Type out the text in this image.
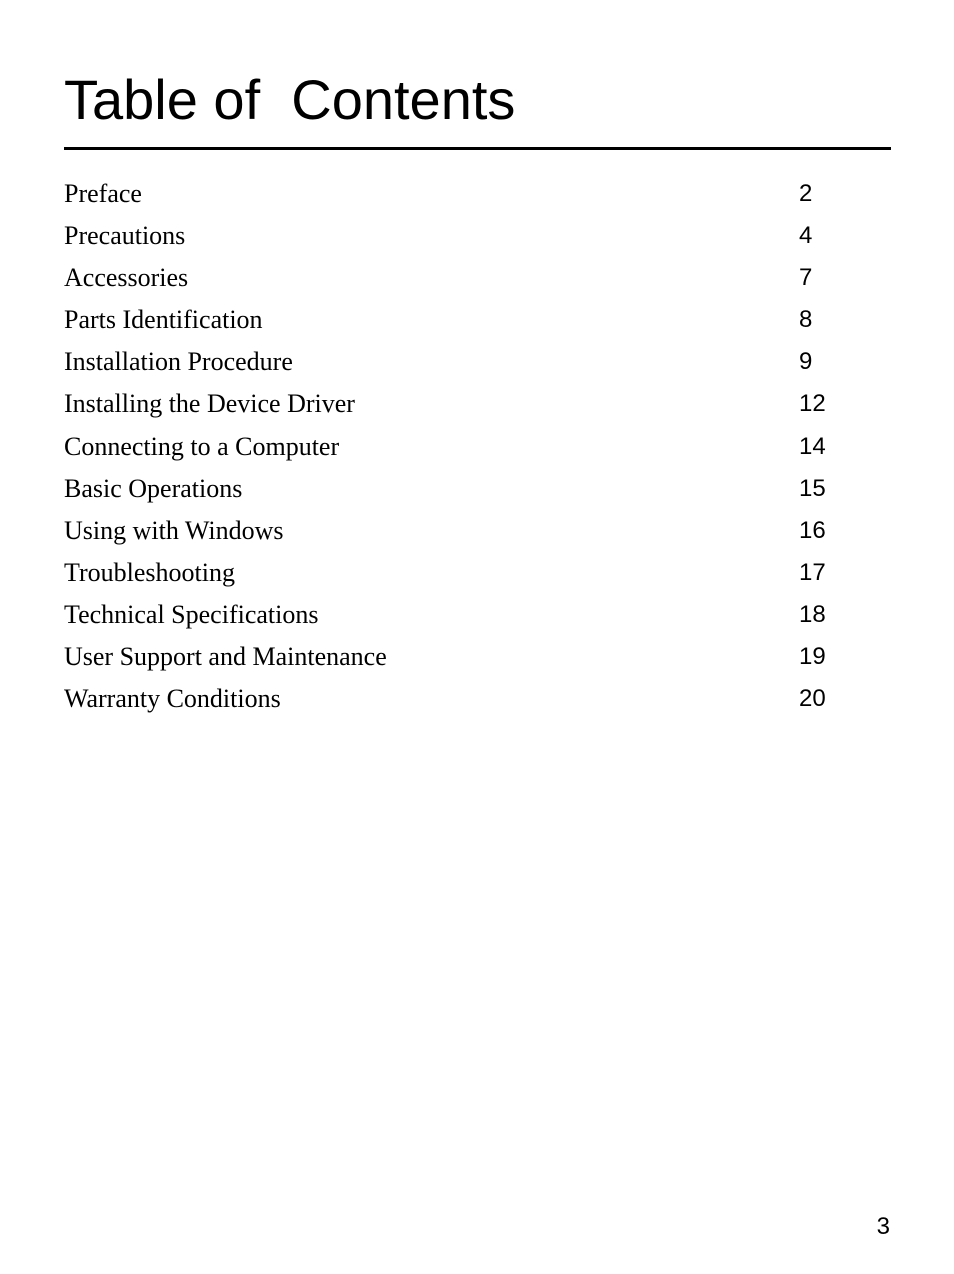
Table of  Contents
Preface	2
Precautions	4
Accessories	7
Parts Identification	8
Installation Procedure	9
Installing the Device Driver	12
Connecting to a Computer	14
Basic Operations	15
Using with Windows	16
Troubleshooting	17
Technical Specifications	18
User Support and Maintenance	19
Warranty Conditions	20
3
